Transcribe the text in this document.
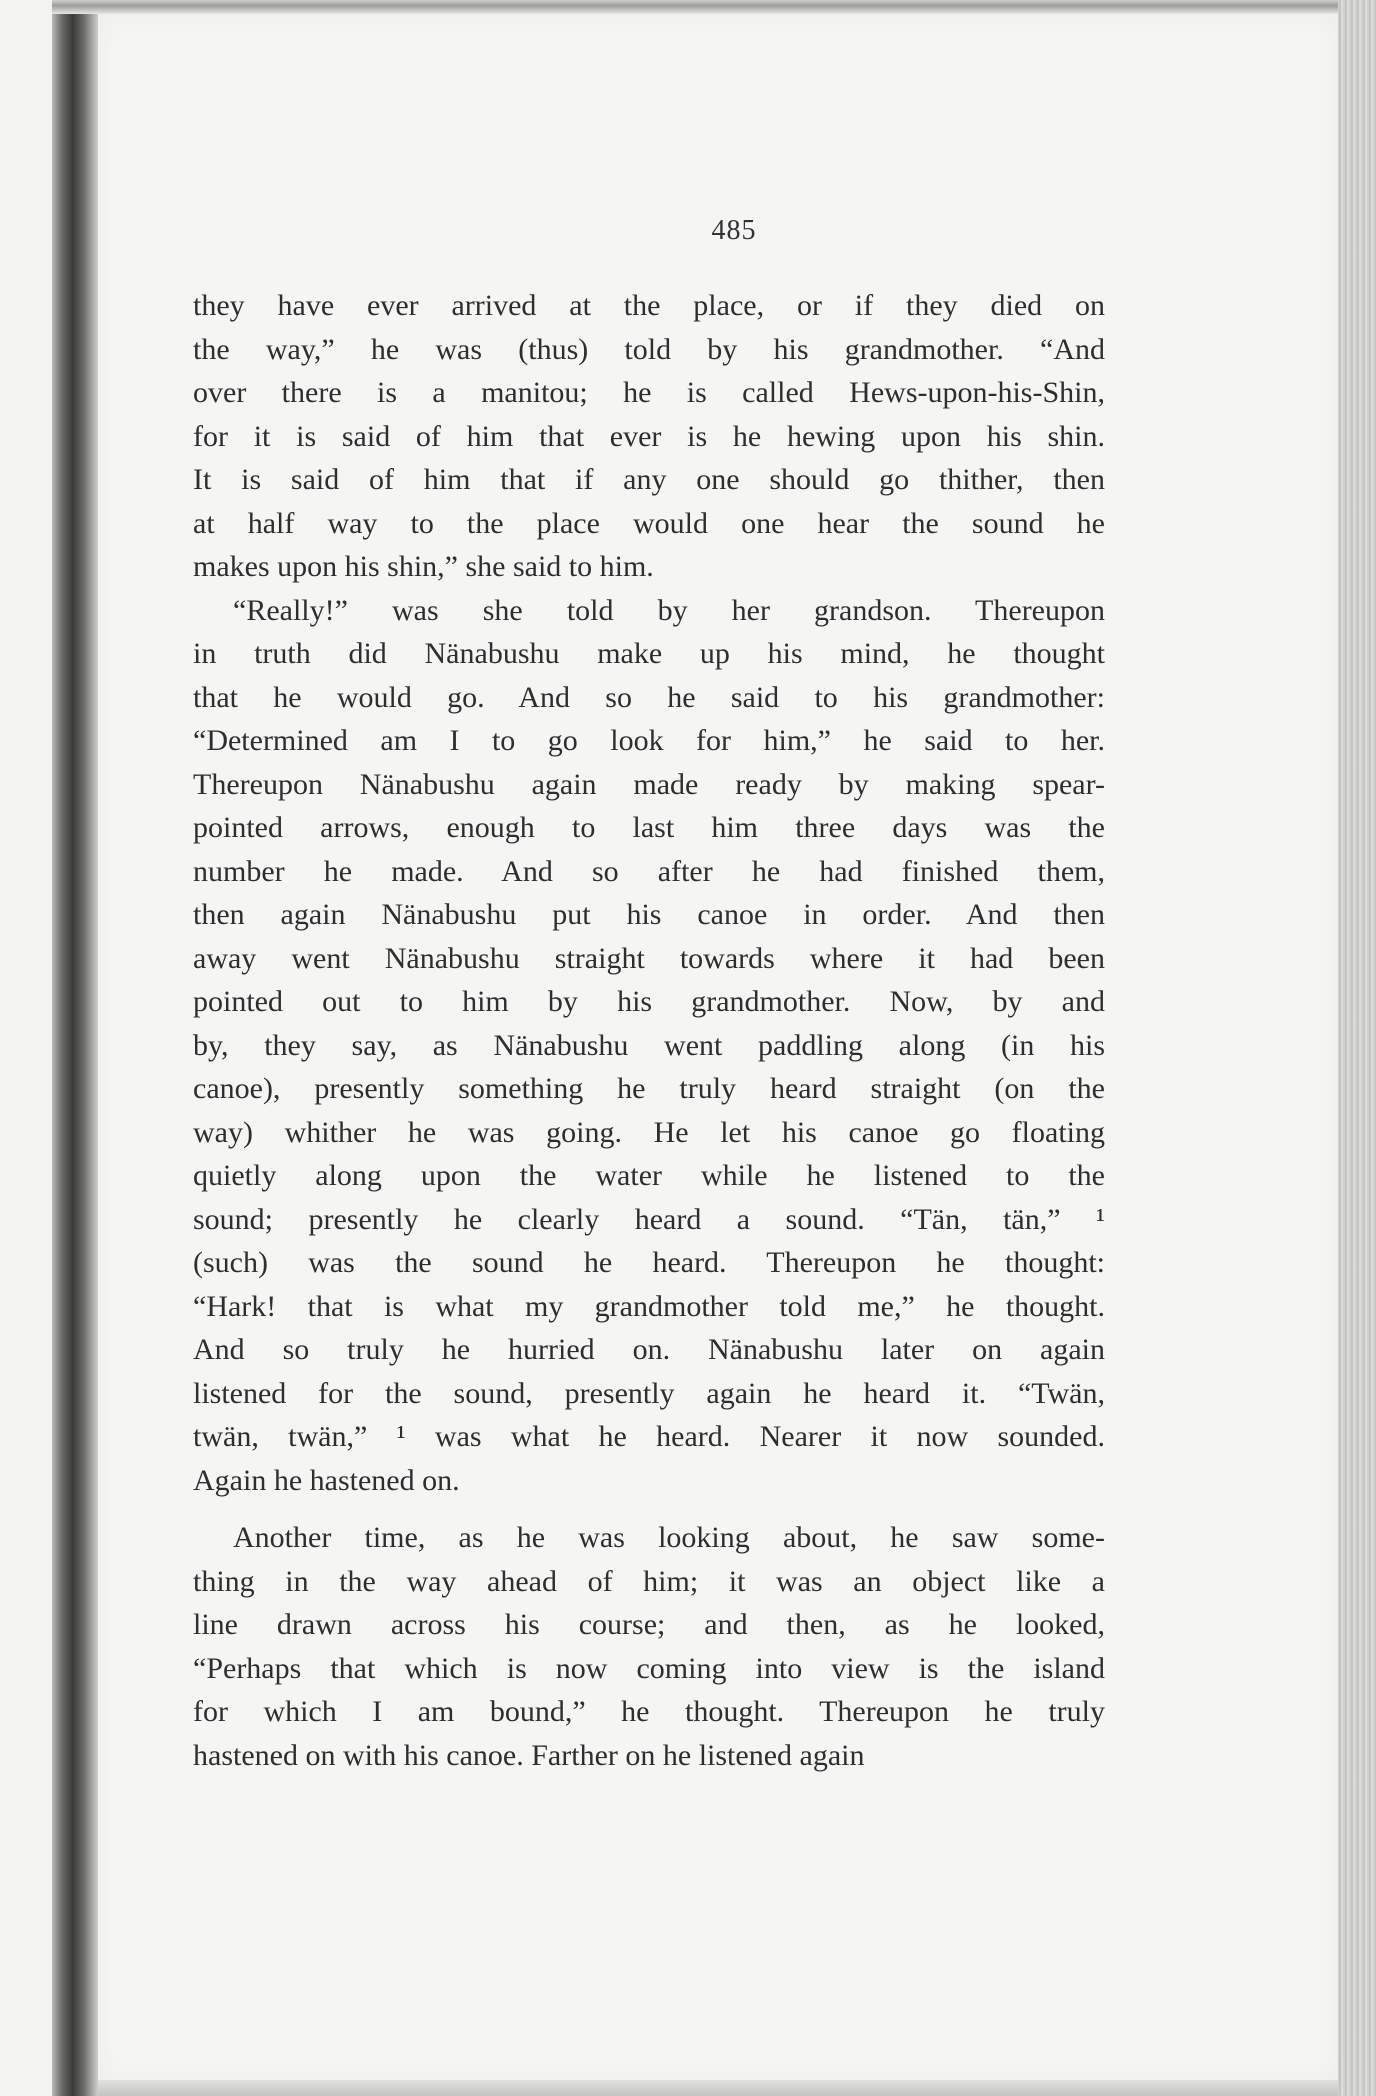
485
they have ever arrived at the place, or if they died on
the way,” he was (thus) told by his grandmother. “And
over there is a manitou; he is called Hews-upon-his-Shin,
for it is said of him that ever is he hewing upon his shin.
It is said of him that if any one should go thither, then
at half way to the place would one hear the sound he
makes upon his shin,” she said to him.
“Really!” was she told by her grandson. Thereupon
in truth did Nänabushu make up his mind, he thought
that he would go. And so he said to his grandmother:
“Determined am I to go look for him,” he said to her.
Thereupon Nänabushu again made ready by making spear-
pointed arrows, enough to last him three days was the
number he made. And so after he had finished them,
then again Nänabushu put his canoe in order. And then
away went Nänabushu straight towards where it had been
pointed out to him by his grandmother. Now, by and
by, they say, as Nänabushu went paddling along (in his
canoe), presently something he truly heard straight (on the
way) whither he was going. He let his canoe go floating
quietly along upon the water while he listened to the
sound; presently he clearly heard a sound. “Tän, tän,” ¹
(such) was the sound he heard. Thereupon he thought:
“Hark! that is what my grandmother told me,” he thought.
And so truly he hurried on. Nänabushu later on again
listened for the sound, presently again he heard it. “Twän,
twän, twän,” ¹ was what he heard. Nearer it now sounded.
Again he hastened on.
Another time, as he was looking about, he saw some-
thing in the way ahead of him; it was an object like a
line drawn across his course; and then, as he looked,
“Perhaps that which is now coming into view is the island
for which I am bound,” he thought. Thereupon he truly
hastened on with his canoe. Farther on he listened again
